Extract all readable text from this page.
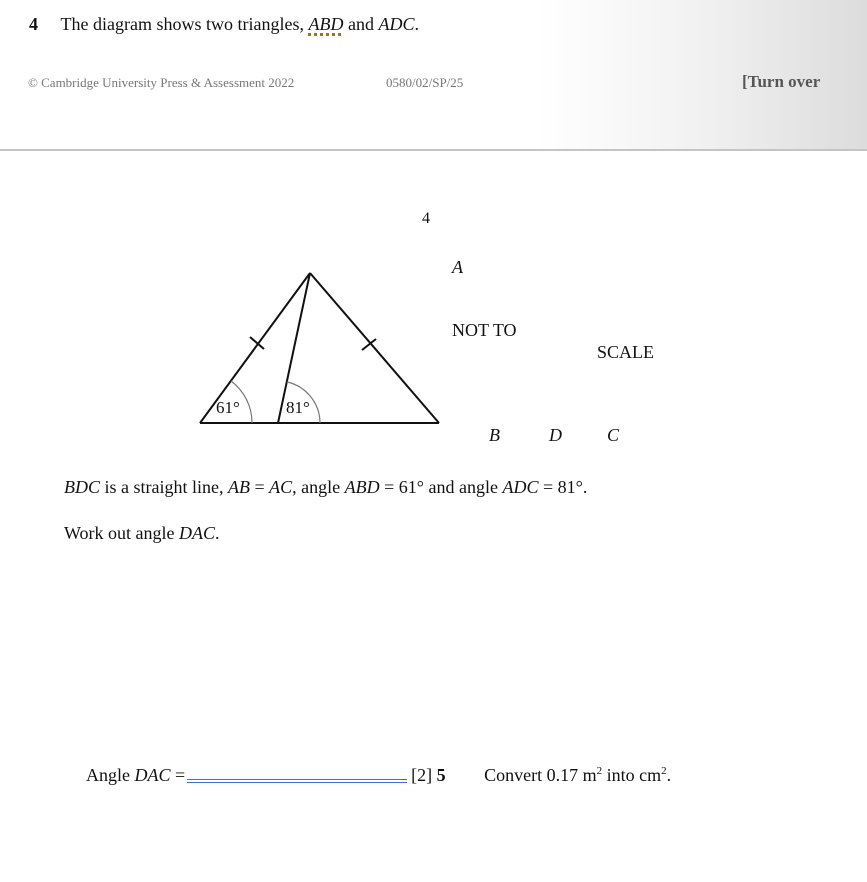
4 The diagram shows two triangles, ABD and ADC.
© Cambridge University Press & Assessment 2022	0580/02/SP/25	[Turn over
4
61°	81°
A
NOT TO
SCALE
B	D	C
BDC is a straight line, AB = AC, angle ABD = 61° and angle ADC = 81°.
Work out angle DAC.
Angle DAC =	[2] 5 Convert 0.17 $m^2$ into $cm^2$.
